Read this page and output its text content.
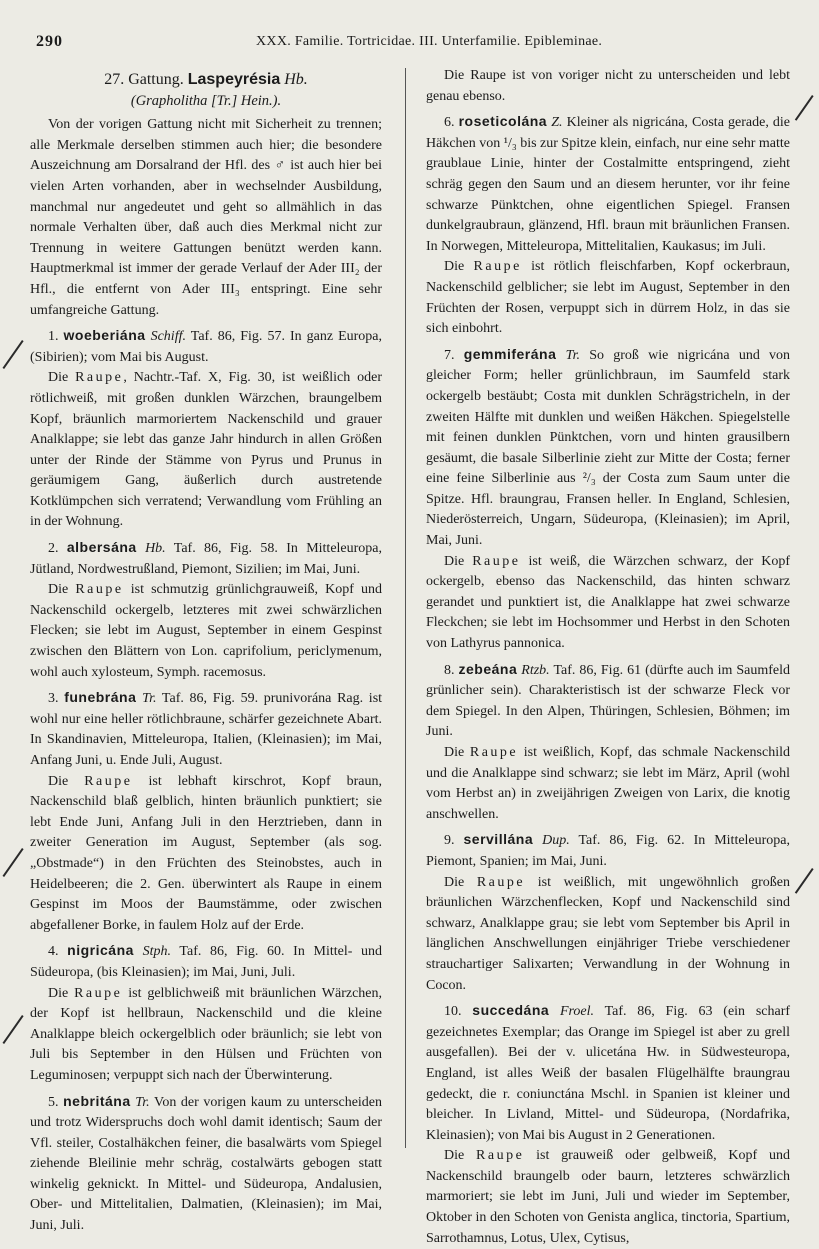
290	XXX. Familie. Tortricidae. III. Unterfamilie. Epibleminae.

27. Gattung. Laspeyrésia Hb.

(Grapholitha [Tr.] Hein.).

Von der vorigen Gattung nicht mit Sicherheit zu trennen; alle Merkmale derselben stimmen auch hier; die besondere Auszeichnung am Dorsalrand der Hfl. des ♂ ist auch hier bei vielen Arten vorhanden, aber in wechselnder Ausbildung, manchmal nur angedeutet und geht so allmählich in das normale Verhalten über, daß auch dies Merkmal nicht zur Trennung in weitere Gattungen benützt werden kann. Hauptmerkmal ist immer der gerade Verlauf der Ader III₂ der Hfl., die entfernt von Ader III₃ entspringt. Eine sehr umfangreiche Gattung.

1. woeberiána Schiff. Taf. 86, Fig. 57. In ganz Europa, (Sibirien); vom Mai bis August.

Die Raupe, Nachtr.-Taf. X, Fig. 30, ist weißlich oder rötlichweiß, mit großen dunklen Wärzchen, braungelbem Kopf, bräunlich marmoriertem Nackenschild und grauer Analklappe; sie lebt das ganze Jahr hindurch in allen Größen unter der Rinde der Stämme von Pyrus und Prunus in geräumigem Gang, äußerlich durch austretende Kotklümpchen sich verratend; Verwandlung vom Frühling an in der Wohnung.

2. albersána Hb. Taf. 86, Fig. 58. In Mitteleuropa, Jütland, Nordwestrußland, Piemont, Sizilien; im Mai, Juni.

Die Raupe ist schmutzig grünlichgrauweiß, Kopf und Nackenschild ockergelb, letzteres mit zwei schwärzlichen Flecken; sie lebt im August, September in einem Gespinst zwischen den Blättern von Lon. caprifolium, periclymenum, wohl auch xylosteum, Symph. racemosus.

3. funebrána Tr. Taf. 86, Fig. 59. prunivorána Rag. ist wohl nur eine heller rötlichbraune, schärfer gezeichnete Abart. In Skandinavien, Mitteleuropa, Italien, (Kleinasien); im Mai, Anfang Juni, u. Ende Juli, August.

Die Raupe ist lebhaft kirschrot, Kopf braun, Nackenschild blaß gelblich, hinten bräunlich punktiert; sie lebt Ende Juni, Anfang Juli in den Herztrieben, dann in zweiter Generation im August, September (als sog. „Obstmade“) in den Früchten des Steinobstes, auch in Heidelbeeren; die 2. Gen. überwintert als Raupe in einem Gespinst im Moos der Baumstämme, oder zwischen abgefallener Borke, in faulem Holz auf der Erde.

4. nigricána Stph. Taf. 86, Fig. 60. In Mittel- und Südeuropa, (bis Kleinasien); im Mai, Juni, Juli.

Die Raupe ist gelblichweiß mit bräunlichen Wärzchen, der Kopf ist hellbraun, Nackenschild und die kleine Analklappe bleich ockergelblich oder bräunlich; sie lebt von Juli bis September in den Hülsen und Früchten von Leguminosen; verpuppt sich nach der Überwinterung.

5. nebritána Tr. Von der vorigen kaum zu unterscheiden und trotz Widerspruchs doch wohl damit identisch; Saum der Vfl. steiler, Costalhäkchen feiner, die basalwärts vom Spiegel ziehende Bleilinie mehr schräg, costalwärts gebogen statt winkelig geknickt. In Mittel- und Südeuropa, Andalusien, Ober- und Mittelitalien, Dalmatien, (Kleinasien); im Mai, Juni, Juli.

Die Raupe ist von voriger nicht zu unterscheiden und lebt genau ebenso.

6. roseticolána Z. Kleiner als nigricána, Costa gerade, die Häkchen von ¹/₃ bis zur Spitze klein, einfach, nur eine sehr matte graublaue Linie, hinter der Costalmitte entspringend, zieht schräg gegen den Saum und an diesem herunter, vor ihr feine schwarze Pünktchen, ohne eigentlichen Spiegel. Fransen dunkelgraubraun, glänzend, Hfl. braun mit bräunlichen Fransen. In Norwegen, Mitteleuropa, Mittelitalien, Kaukasus; im Juli.

Die Raupe ist rötlich fleischfarben, Kopf ockerbraun, Nackenschild gelblicher; sie lebt im August, September in den Früchten der Rosen, verpuppt sich in dürrem Holz, in das sie sich einbohrt.

7. gemmiferána Tr. So groß wie nigricána und von gleicher Form; heller grünlichbraun, im Saumfeld stark ockergelb bestäubt; Costa mit dunklen Schrägstricheln, in der zweiten Hälfte mit dunklen und weißen Häkchen. Spiegelstelle mit feinen dunklen Pünktchen, vorn und hinten grausilbern gesäumt, die basale Silberlinie zieht zur Mitte der Costa; ferner eine feine Silberlinie aus ²/₃ der Costa zum Saum unter die Spitze. Hfl. braungrau, Fransen heller. In England, Schlesien, Niederösterreich, Ungarn, Südeuropa, (Kleinasien); im April, Mai, Juni.

Die Raupe ist weiß, die Wärzchen schwarz, der Kopf ockergelb, ebenso das Nackenschild, das hinten schwarz gerandet und punktiert ist, die Analklappe hat zwei schwarze Fleckchen; sie lebt im Hochsommer und Herbst in den Schoten von Lathyrus pannonica.

8. zebeána Rtzb. Taf. 86, Fig. 61 (dürfte auch im Saumfeld grünlicher sein). Charakteristisch ist der schwarze Fleck vor dem Spiegel. In den Alpen, Thüringen, Schlesien, Böhmen; im Juni.

Die Raupe ist weißlich, Kopf, das schmale Nackenschild und die Analklappe sind schwarz; sie lebt im März, April (wohl vom Herbst an) in zweijährigen Zweigen von Larix, die knotig anschwellen.

9. servillána Dup. Taf. 86, Fig. 62. In Mitteleuropa, Piemont, Spanien; im Mai, Juni.

Die Raupe ist weißlich, mit ungewöhnlich großen bräunlichen Wärzchenflecken, Kopf und Nackenschild sind schwarz, Analklappe grau; sie lebt vom September bis April in länglichen Anschwellungen einjähriger Triebe verschiedener strauchartiger Salixarten; Verwandlung in der Wohnung in Cocon.

10. succedána Froel. Taf. 86, Fig. 63 (ein scharf gezeichnetes Exemplar; das Orange im Spiegel ist aber zu grell ausgefallen). Bei der v. ulicetána Hw. in Südwesteuropa, England, ist alles Weiß der basalen Flügelhälfte braungrau gedeckt, die r. coniunctána Mschl. in Spanien ist kleiner und bleicher. In Livland, Mittel- und Südeuropa, (Nordafrika, Kleinasien); von Mai bis August in 2 Generationen.

Die Raupe ist grauweiß oder gelbweiß, Kopf und Nackenschild braungelb oder baurn, letzteres schwärzlich marmoriert; sie lebt im Juni, Juli und wieder im September, Oktober in den Schoten von Genista anglica, tinctoria, Spartium, Sarrothamnus, Lotus, Ulex, Cytisus,
